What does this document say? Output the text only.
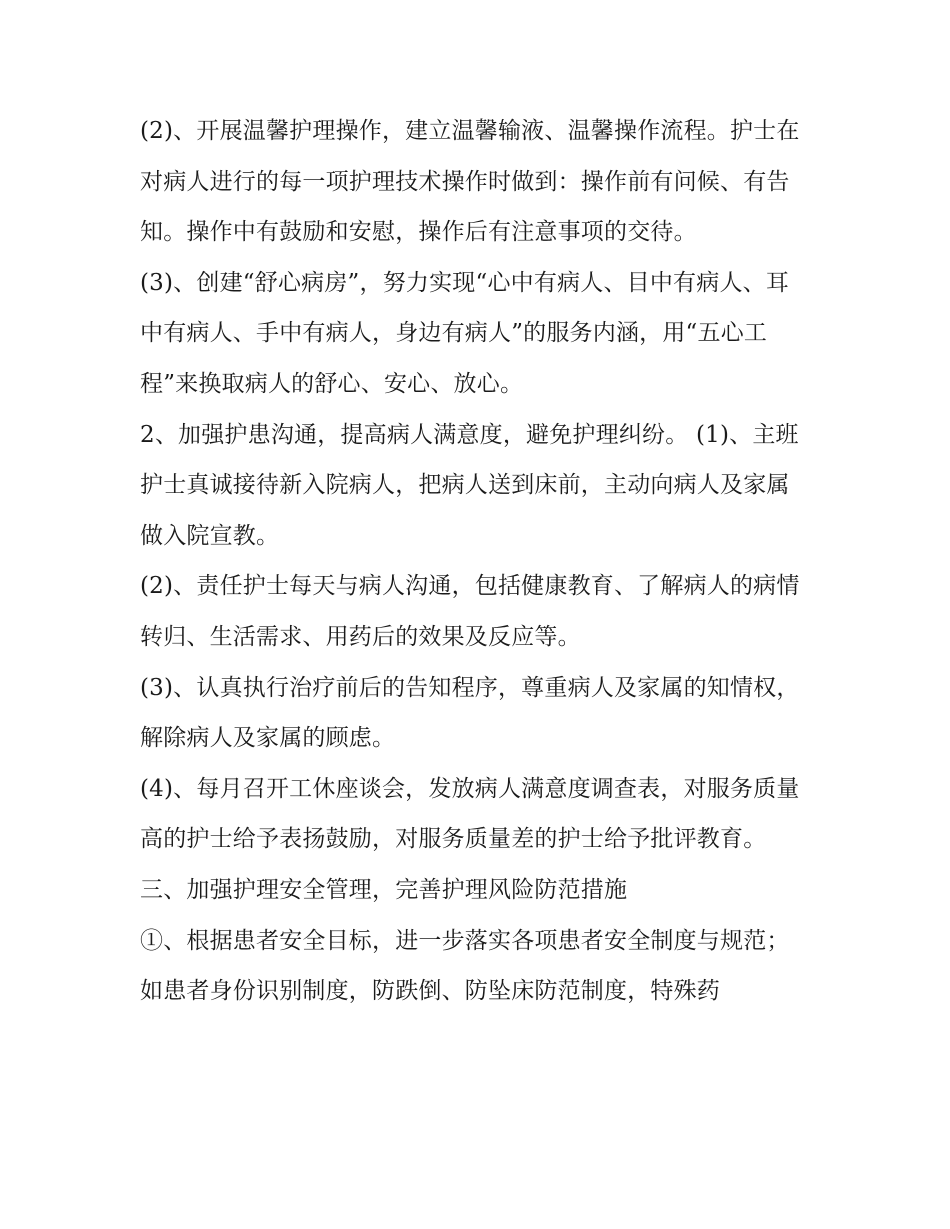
(2)、开展温馨护理操作，建立温馨输液、温馨操作流程。护士在对病人进行的每一项护理技术操作时做到：操作前有问候、有告知。操作中有鼓励和安慰，操作后有注意事项的交待。

(3)、创建“舒心病房”，努力实现“心中有病人、目中有病人、耳中有病人、手中有病人，身边有病人”的服务内涵，用“五心工程”来换取病人的舒心、安心、放心。

2、加强护患沟通，提高病人满意度，避免护理纠纷。 (1)、主班护士真诚接待新入院病人，把病人送到床前，主动向病人及家属做入院宣教。

(2)、责任护士每天与病人沟通，包括健康教育、了解病人的病情转归、生活需求、用药后的效果及反应等。

(3)、认真执行治疗前后的告知程序，尊重病人及家属的知情权，解除病人及家属的顾虑。

(4)、每月召开工休座谈会，发放病人满意度调查表，对服务质量高的护士给予表扬鼓励，对服务质量差的护士给予批评教育。

三、加强护理安全管理，完善护理风险防范措施

①、根据患者安全目标，进一步落实各项患者安全制度与规范；如患者身份识别制度，防跌倒、防坠床防范制度，特殊药
